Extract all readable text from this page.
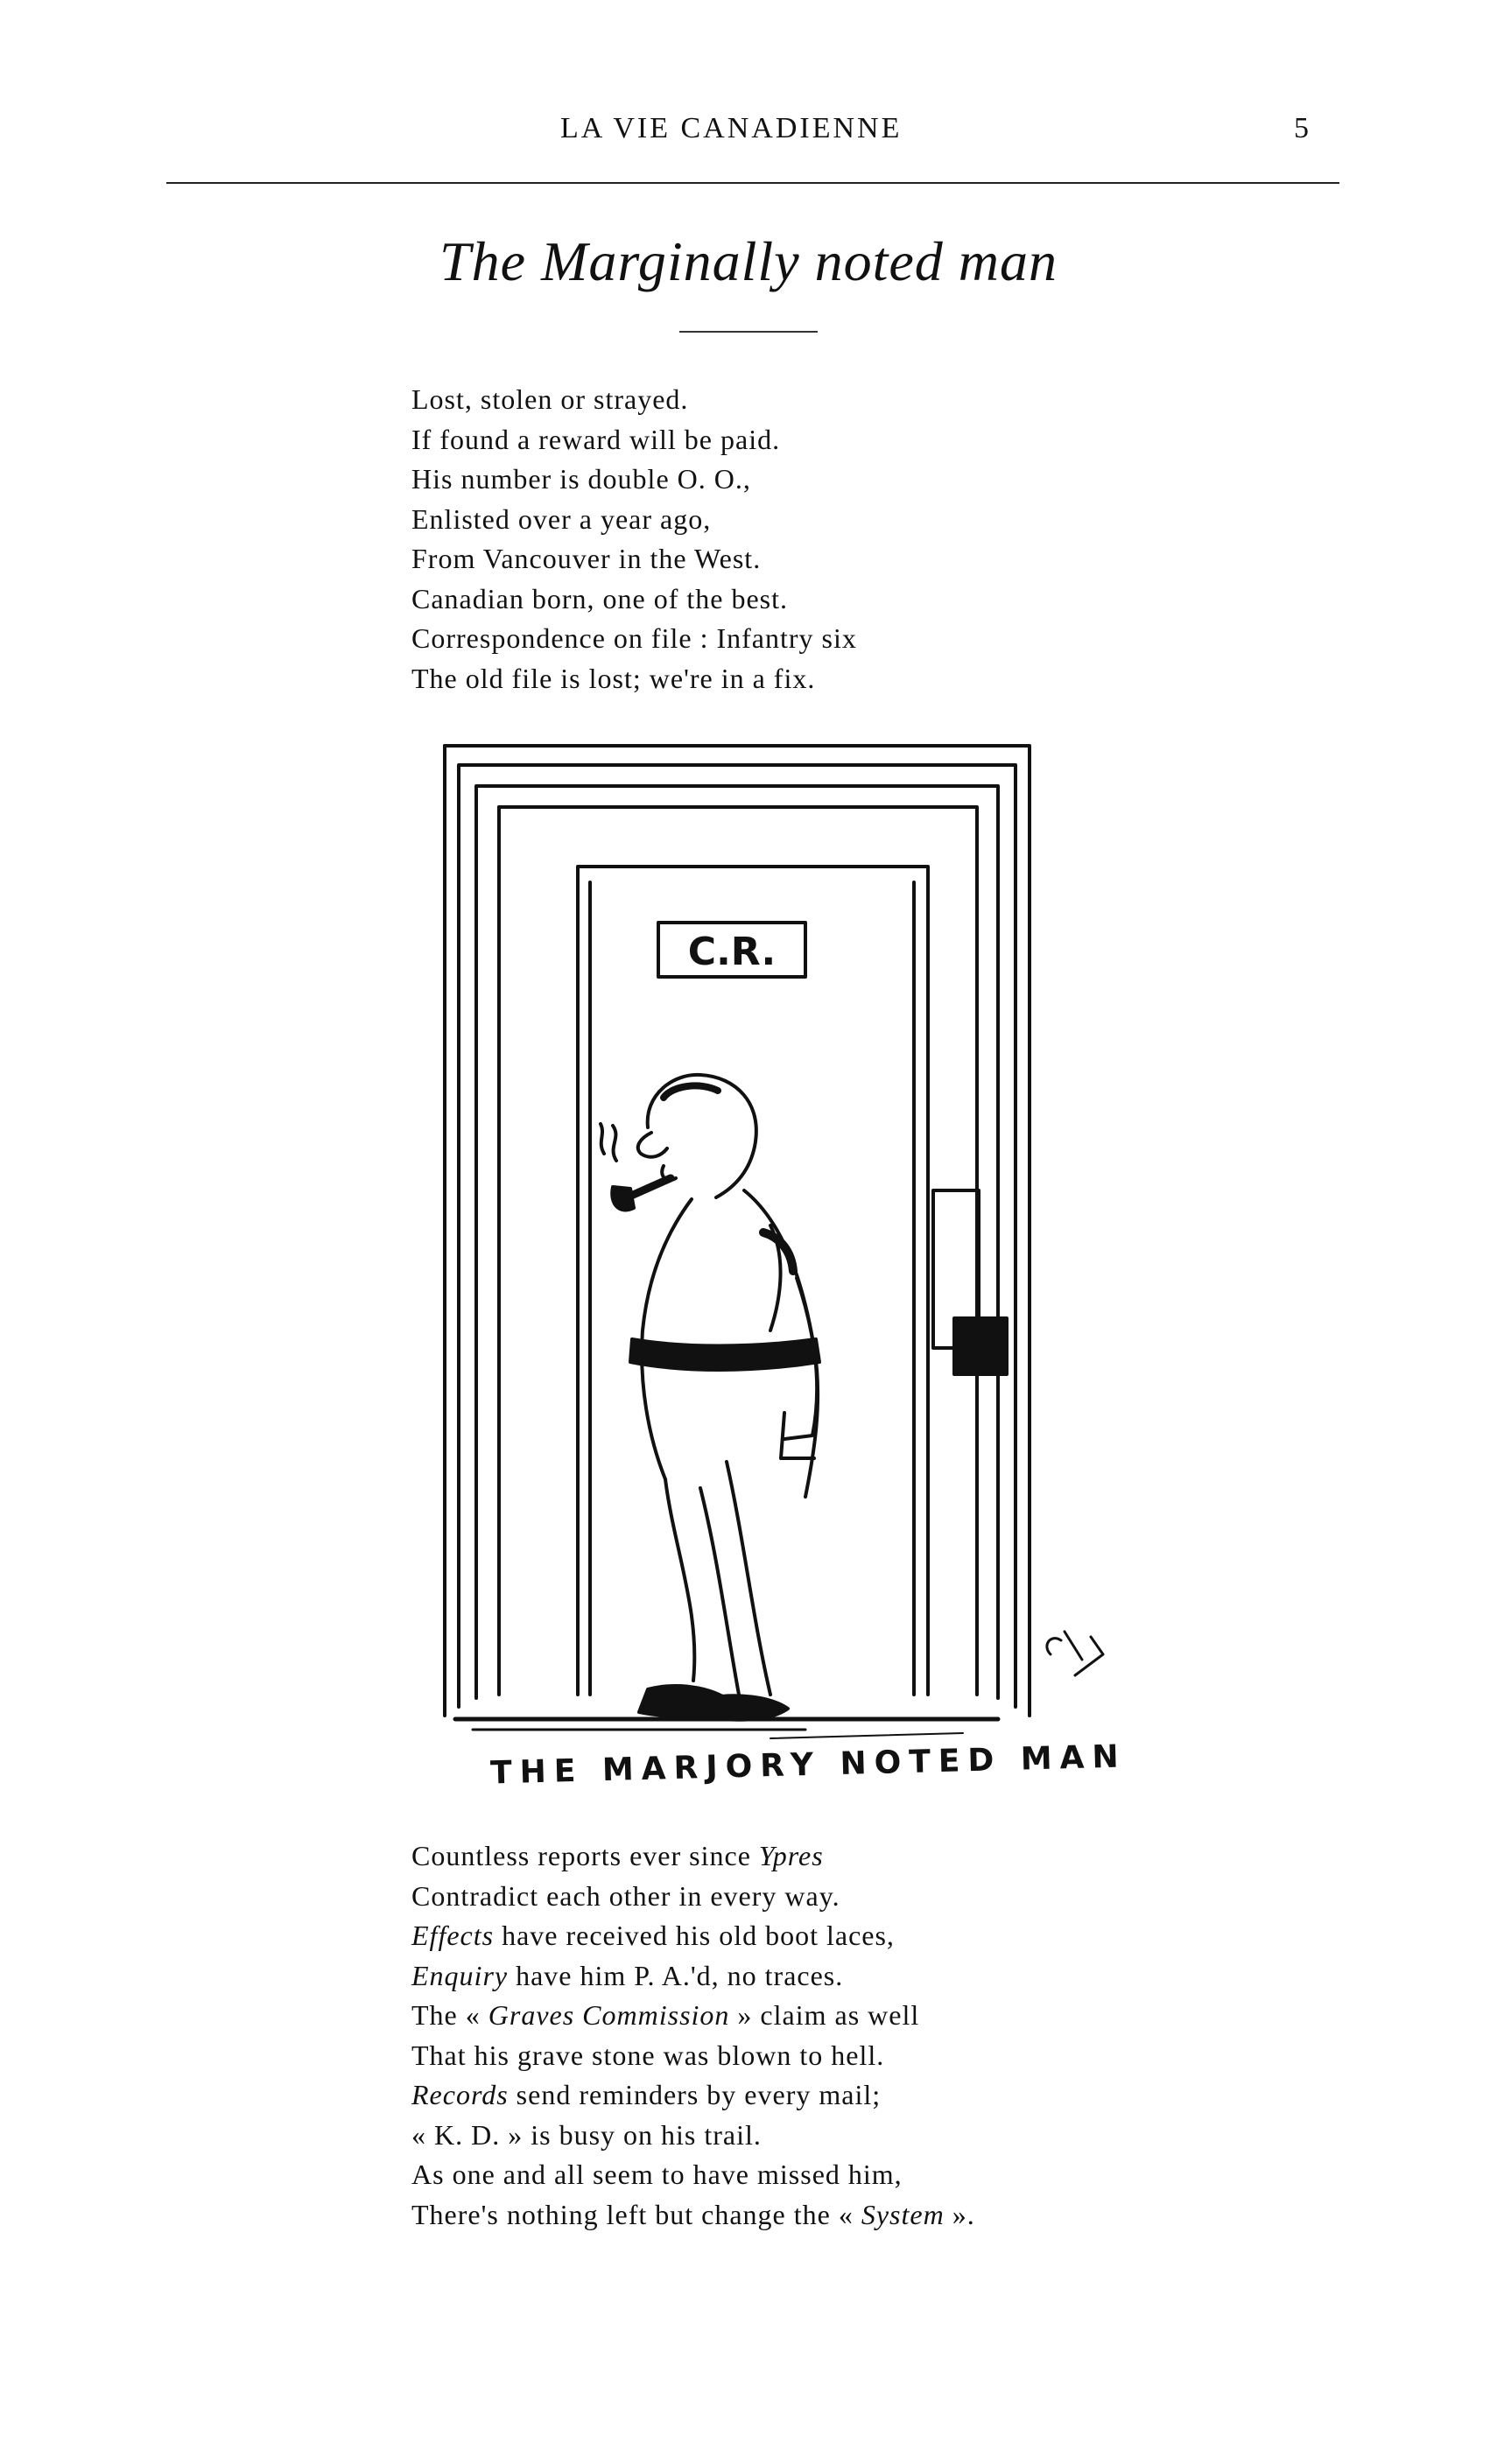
LA VIE CANADIENNE	5
The Marginally noted man
Lost, stolen or strayed.
If found a reward will be paid.
His number is double O. O.,
Enlisted over a year ago,
From Vancouver in the West.
Canadian born, one of the best.
Correspondence on file : Infantry six
The old file is lost; we're in a fix.
C.R.
THE MARJORY NOTED MAN
Countless reports ever since Ypres
Contradict each other in every way.
Effects have received his old boot laces,
Enquiry have him P. A.'d, no traces.
The « Graves Commission » claim as well
That his grave stone was blown to hell.
Records send reminders by every mail;
« K. D. » is busy on his trail.
As one and all seem to have missed him,
There's nothing left but change the « System ».
